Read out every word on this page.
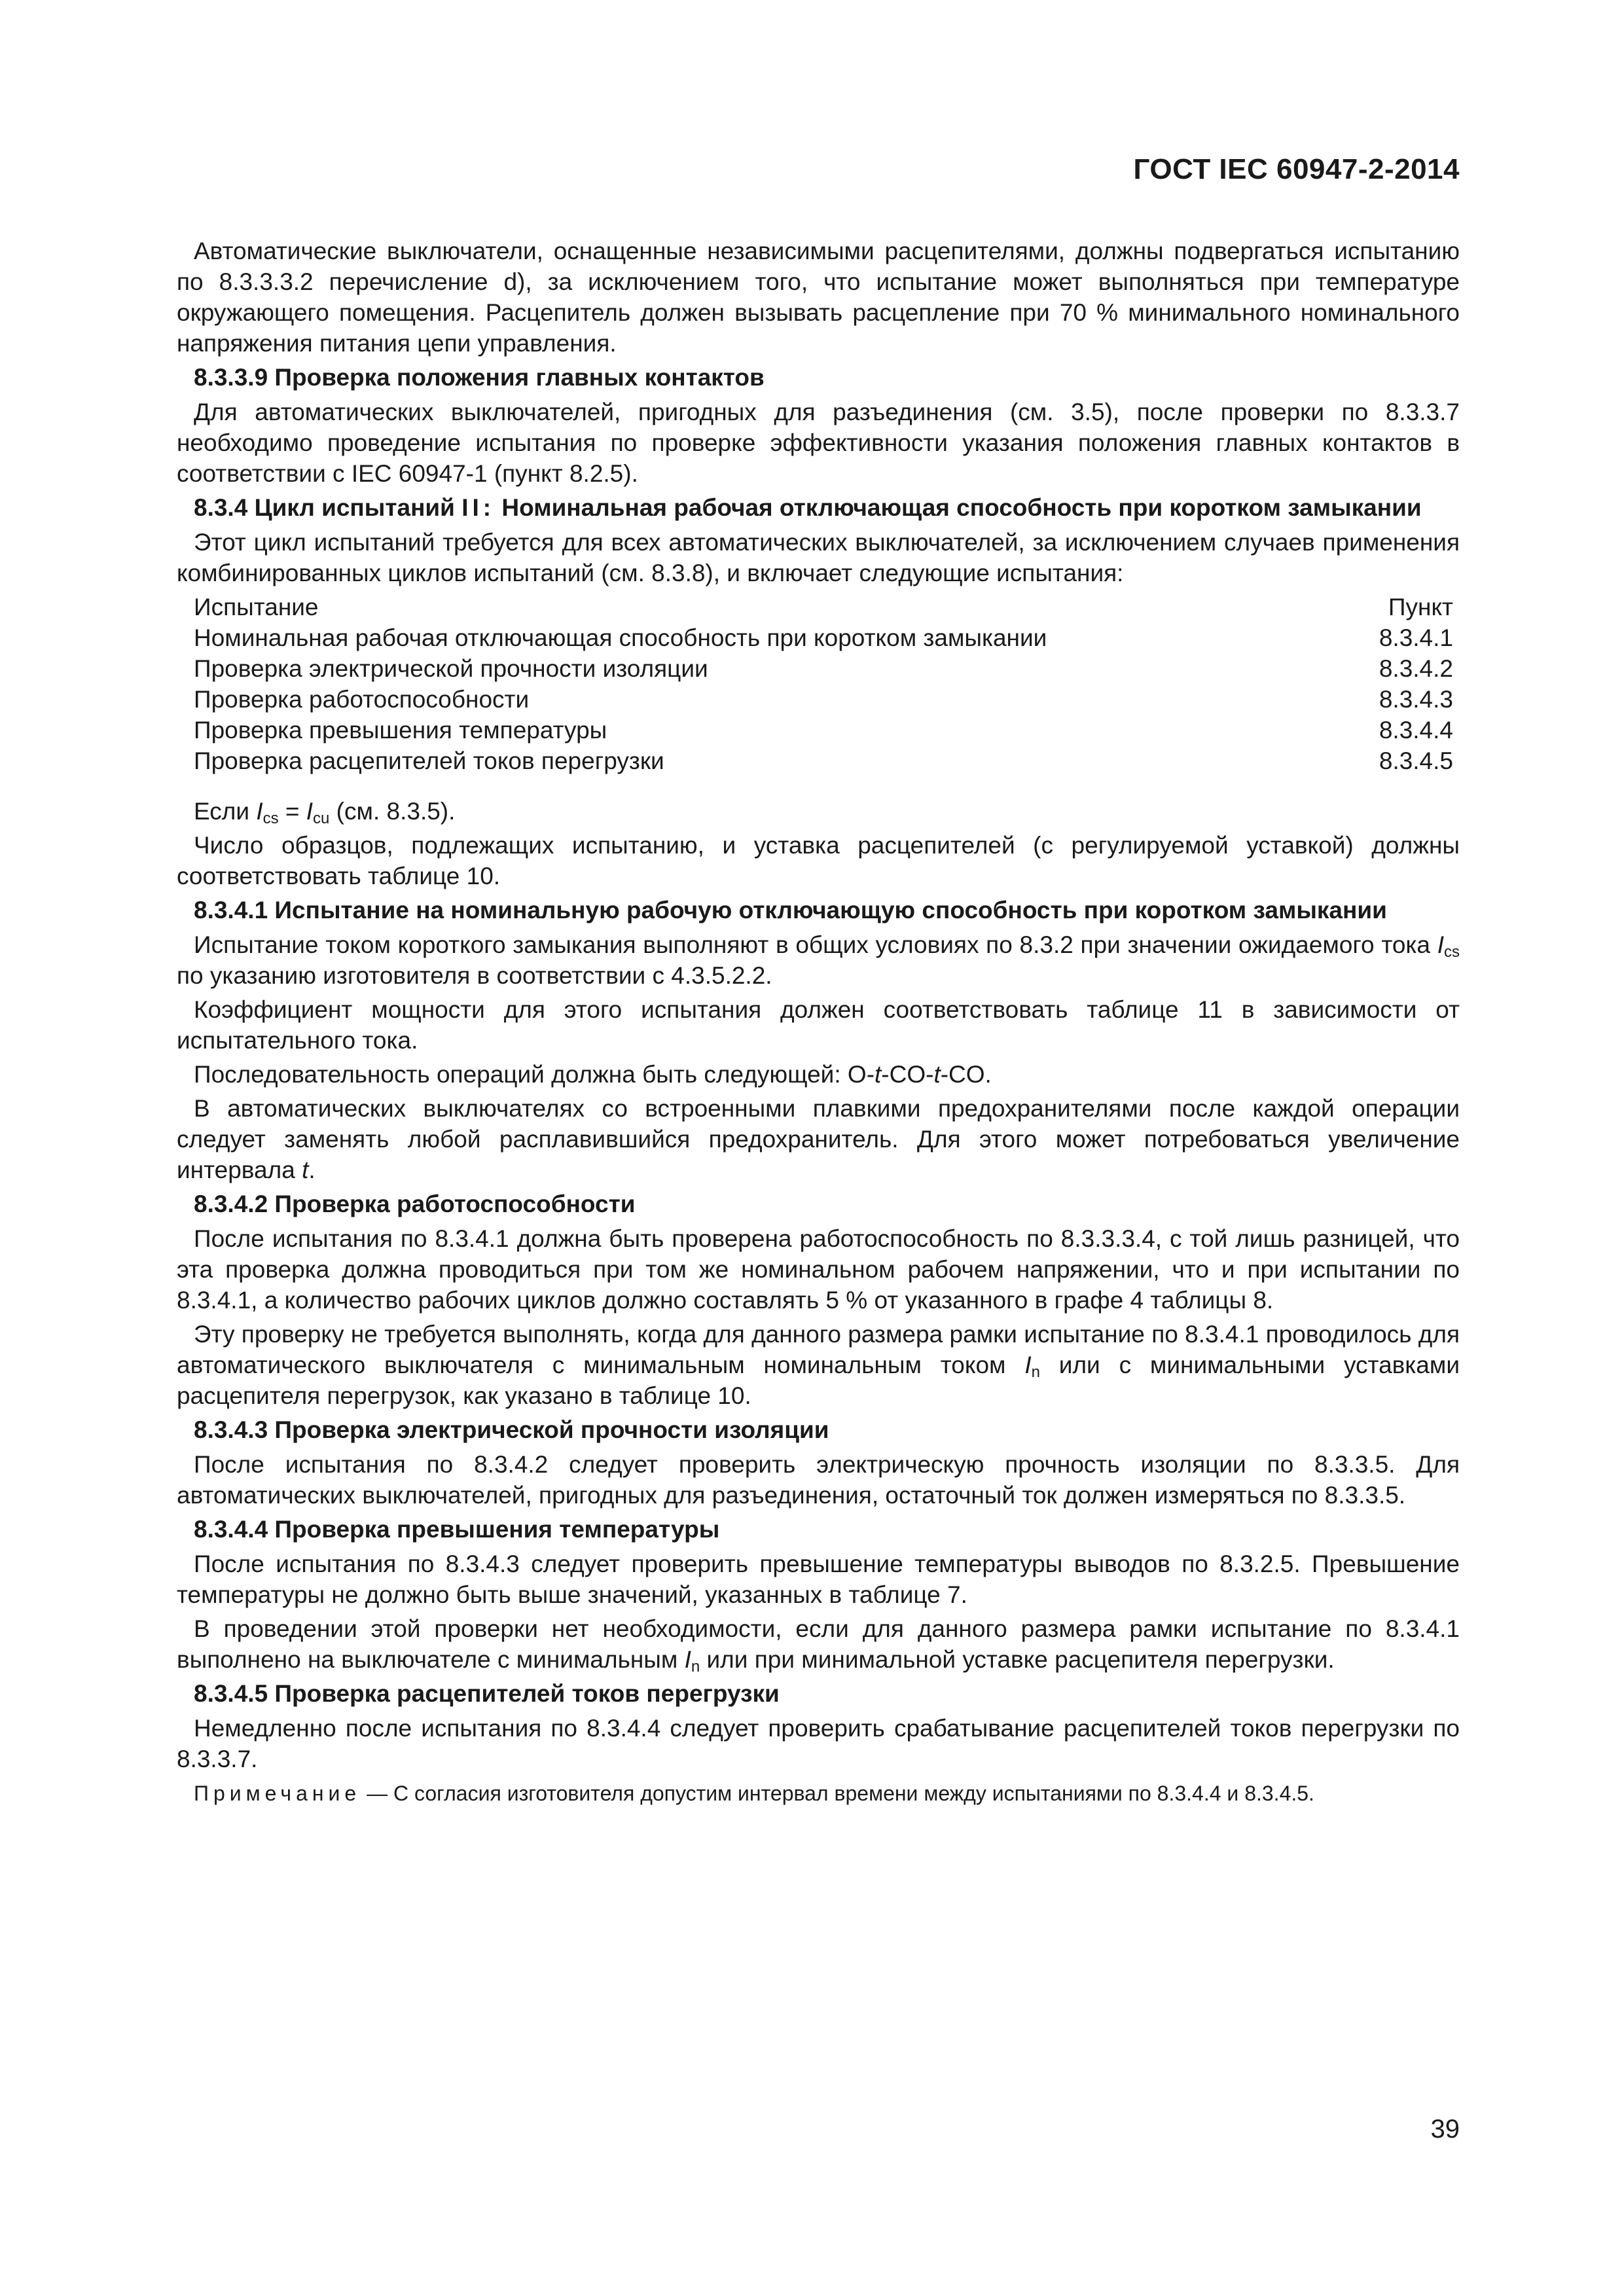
ГОСТ IEC 60947-2-2014

Автоматические выключатели, оснащенные независимыми расцепителями, должны подвергаться испытанию по 8.3.3.3.2 перечисление d), за исключением того, что испытание может выполняться при температуре окружающего помещения. Расцепитель должен вызывать расцепление при 70 % минимального номинального напряжения питания цепи управления.

8.3.3.9 Проверка положения главных контактов

Для автоматических выключателей, пригодных для разъединения (см. 3.5), после проверки по 8.3.3.7 необходимо проведение испытания по проверке эффективности указания положения главных контактов в соответствии с IEC 60947-1 (пункт 8.2.5).

8.3.4 Цикл испытаний II: Номинальная рабочая отключающая способность при коротком замыкании

Этот цикл испытаний требуется для всех автоматических выключателей, за исключением случаев применения комбинированных циклов испытаний (см. 8.3.8), и включает следующие испытания:

Испытание	Пункт
Номинальная рабочая отключающая способность при коротком замыкании	8.3.4.1
Проверка электрической прочности изоляции	8.3.4.2
Проверка работоспособности	8.3.4.3
Проверка превышения температуры	8.3.4.4
Проверка расцепителей токов перегрузки	8.3.4.5

Если $I_{cs} = I_{cu}$ (см. 8.3.5).

Число образцов, подлежащих испытанию, и уставка расцепителей (с регулируемой уставкой) должны соответствовать таблице 10.

8.3.4.1 Испытание на номинальную рабочую отключающую способность при коротком замыкании

Испытание током короткого замыкания выполняют в общих условиях по 8.3.2 при значении ожидаемого тока $I_{cs}$ по указанию изготовителя в соответствии с 4.3.5.2.2.

Коэффициент мощности для этого испытания должен соответствовать таблице 11 в зависимости от испытательного тока.

Последовательность операций должна быть следующей: O-t-CO-t-CO.

В автоматических выключателях со встроенными плавкими предохранителями после каждой операции следует заменять любой расплавившийся предохранитель. Для этого может потребоваться увеличение интервала t.

8.3.4.2 Проверка работоспособности

После испытания по 8.3.4.1 должна быть проверена работоспособность по 8.3.3.3.4, с той лишь разницей, что эта проверка должна проводиться при том же номинальном рабочем напряжении, что и при испытании по 8.3.4.1, а количество рабочих циклов должно составлять 5 % от указанного в графе 4 таблицы 8.

Эту проверку не требуется выполнять, когда для данного размера рамки испытание по 8.3.4.1 проводилось для автоматического выключателя с минимальным номинальным током $I_n$ или с минимальными уставками расцепителя перегрузок, как указано в таблице 10.

8.3.4.3 Проверка электрической прочности изоляции

После испытания по 8.3.4.2 следует проверить электрическую прочность изоляции по 8.3.3.5. Для автоматических выключателей, пригодных для разъединения, остаточный ток должен измеряться по 8.3.3.5.

8.3.4.4 Проверка превышения температуры

После испытания по 8.3.4.3 следует проверить превышение температуры выводов по 8.3.2.5. Превышение температуры не должно быть выше значений, указанных в таблице 7.

В проведении этой проверки нет необходимости, если для данного размера рамки испытание по 8.3.4.1 выполнено на выключателе с минимальным $I_n$ или при минимальной уставке расцепителя перегрузки.

8.3.4.5 Проверка расцепителей токов перегрузки

Немедленно после испытания по 8.3.4.4 следует проверить срабатывание расцепителей токов перегрузки по 8.3.3.7.

Примечание — С согласия изготовителя допустим интервал времени между испытаниями по 8.3.4.4 и 8.3.4.5.
39
